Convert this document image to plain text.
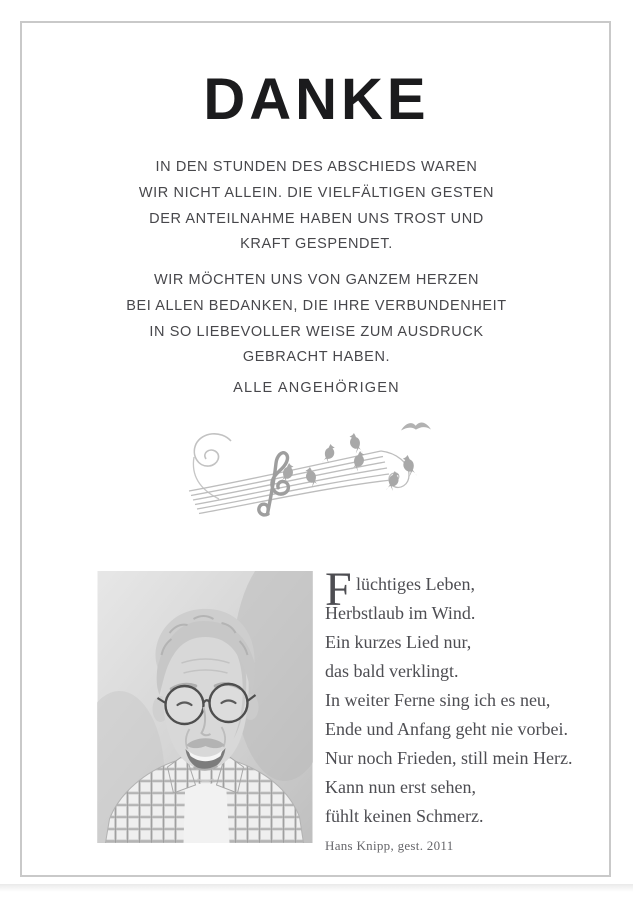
DANKE
IN DEN STUNDEN DES ABSCHIEDS WAREN
WIR NICHT ALLEIN. DIE VIELFÄLTIGEN GESTEN
DER ANTEILNAHME HABEN UNS TROST UND
KRAFT GESPENDET.
WIR MÖCHTEN UNS VON GANZEM HERZEN
BEI ALLEN BEDANKEN, DIE IHRE VERBUNDENHEIT
IN SO LIEBEVOLLER WEISE ZUM AUSDRUCK
GEBRACHT HABEN.
ALLE ANGEHÖRIGEN
F lüchtiges Leben,
Herbstlaub im Wind.
Ein kurzes Lied nur,
das bald verklingt.
In weiter Ferne sing ich es neu,
Ende und Anfang geht nie vorbei.
Nur noch Frieden, still mein Herz.
Kann nun erst sehen,
fühlt keinen Schmerz.
Hans Knipp, gest. 2011
